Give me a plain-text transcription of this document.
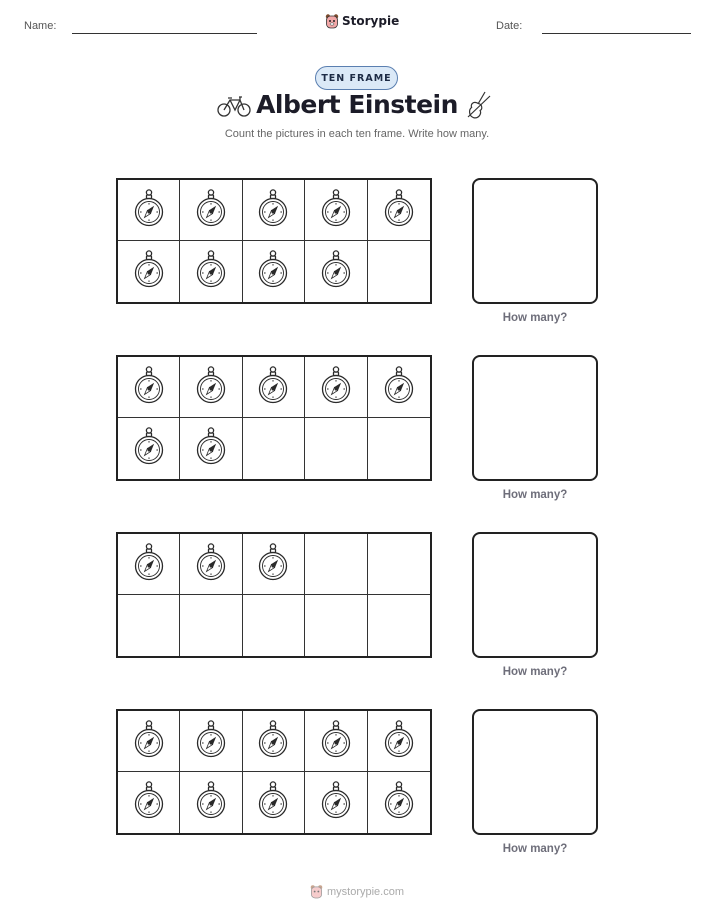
Name:	Storypie	Date:
TEN FRAME
Albert Einstein
Count the pictures in each ten frame. Write how many.
How many?
How many?
How many?
How many?
mystorypie.com
